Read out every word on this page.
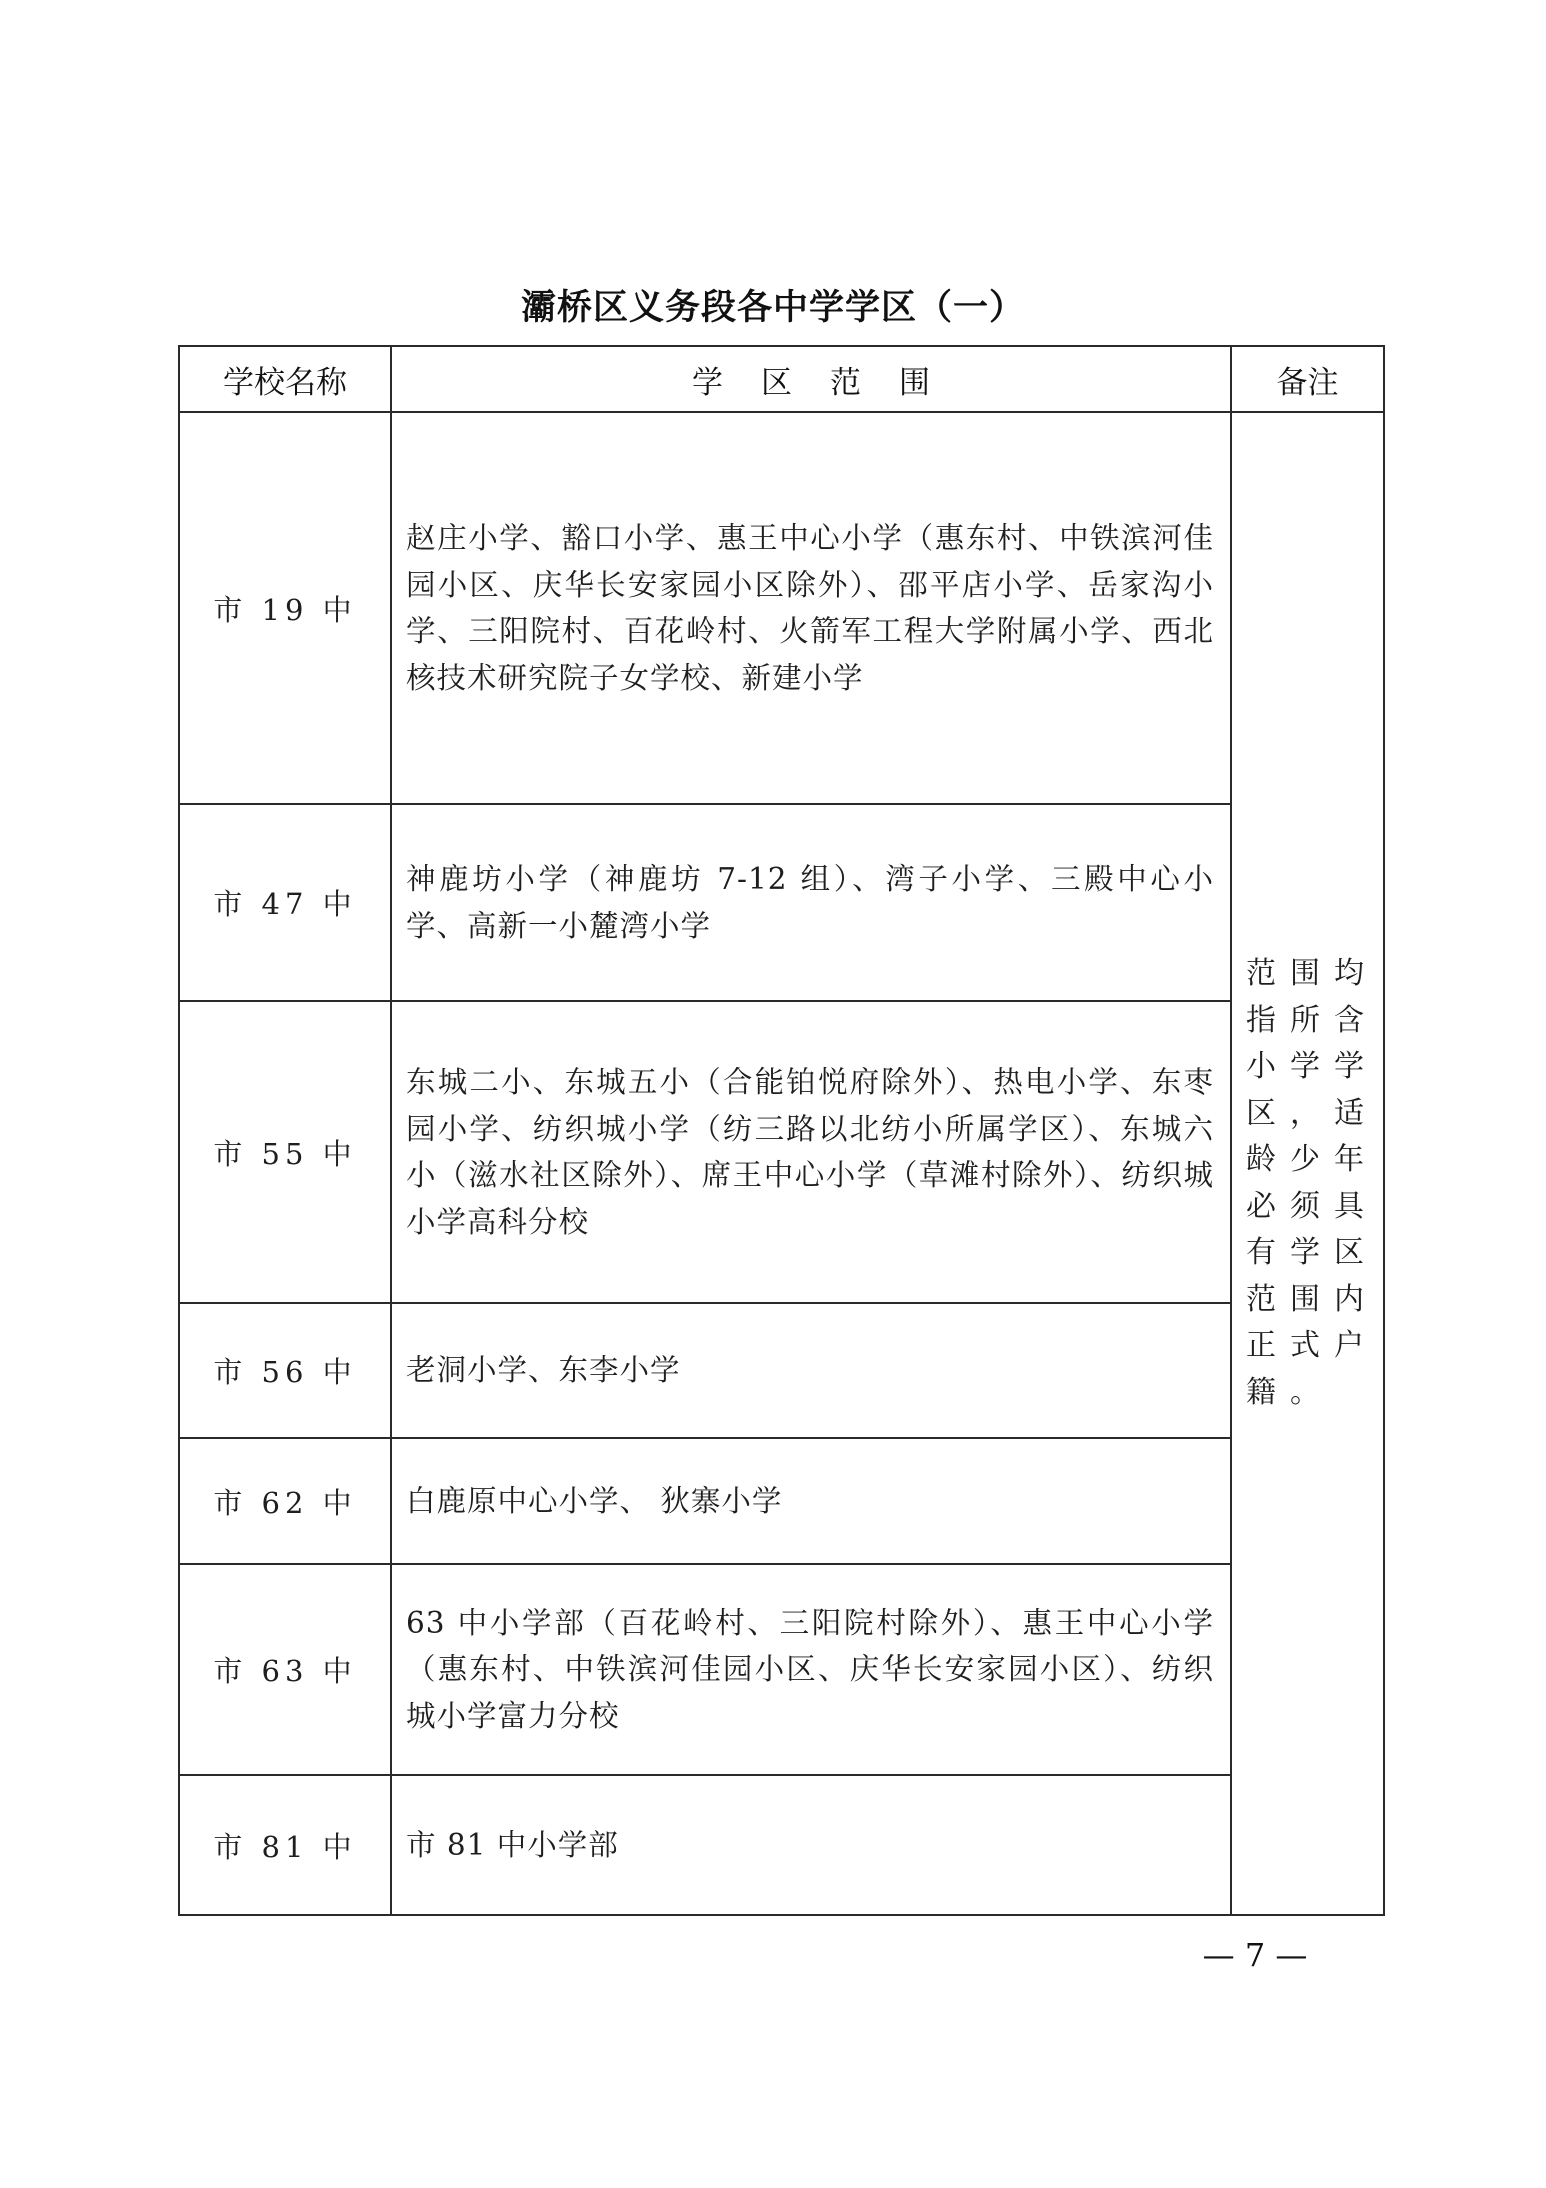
灞桥区义务段各中学学区（一）
学校名称	学区范围	备注
市 19 中	赵庄小学、豁口小学、惠王中心小学（惠东村、中铁滨河佳园小区、庆华长安家园小区除外）、邵平店小学、岳家沟小学、三阳院村、百花岭村、火箭军工程大学附属小学、西北核技术研究院子女学校、新建小学	范围均指所含小学学区，适龄少年必须具有学区范围内正式户籍。

市 47 中	神鹿坊小学（神鹿坊 7-12 组）、湾子小学、三殿中心小学、高新一小麓湾小学	
市 55 中	东城二小、东城五小（合能铂悦府除外）、热电小学、东枣园小学、纺织城小学（纺三路以北纺小所属学区）、东城六小（滋水社区除外）、席王中心小学（草滩村除外）、纺织城小学高科分校	
市 56 中	老洞小学、东李小学	
市 62 中	白鹿原中心小学、 狄寨小学	
市 63 中	63 中小学部（百花岭村、三阳院村除外）、惠王中心小学（惠东村、中铁滨河佳园小区、庆华长安家园小区）、纺织城小学富力分校	
市 81 中	市 81 中小学部	
— 7 —
